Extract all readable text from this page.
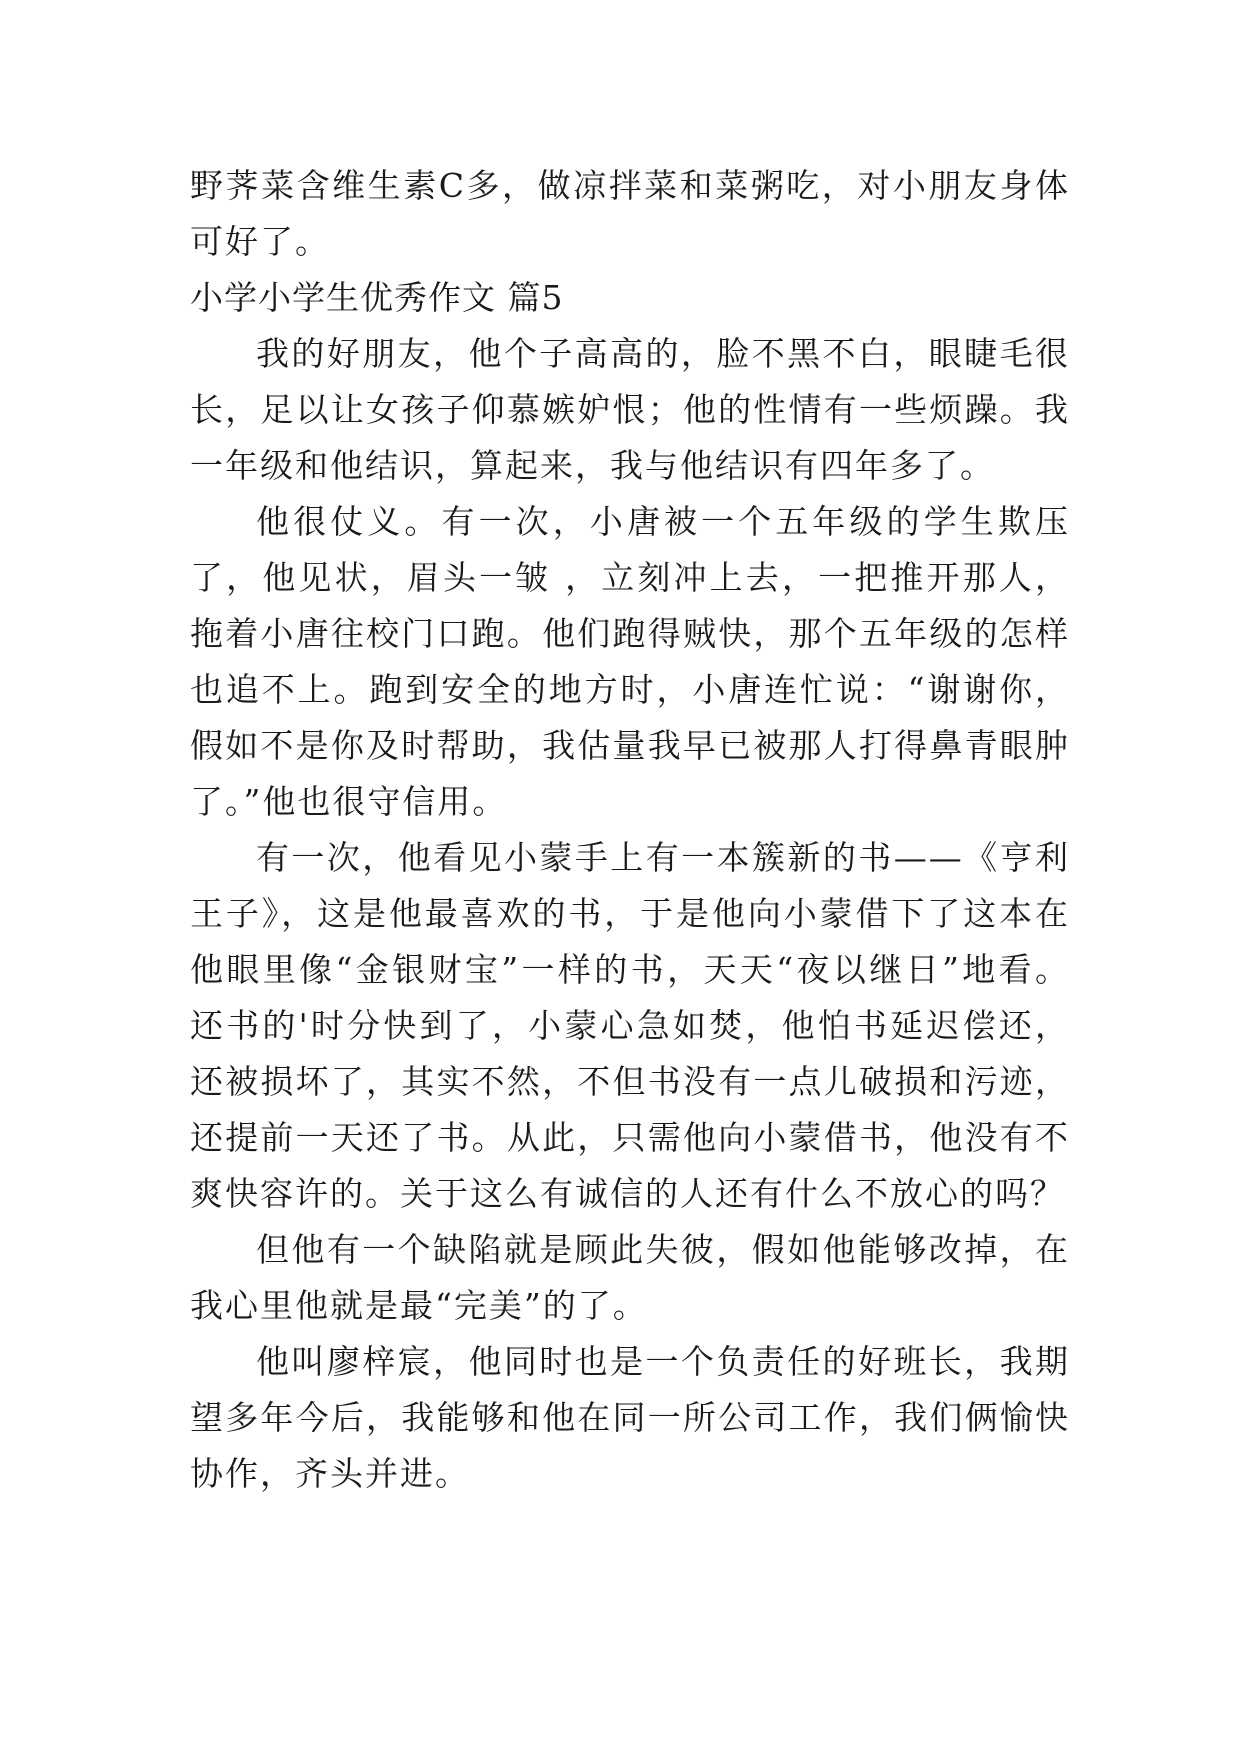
野荠菜含维生素C多，做凉拌菜和菜粥吃，对小朋友身体可好了。

小学小学生优秀作文 篇5

我的好朋友，他个子高高的，脸不黑不白，眼睫毛很长，足以让女孩子仰慕嫉妒恨；他的性情有一些烦躁。我一年级和他结识，算起来，我与他结识有四年多了。

他很仗义。有一次，小唐被一个五年级的学生欺压了，他见状，眉头一皱 ，立刻冲上去，一把推开那人，拖着小唐往校门口跑。他们跑得贼快，那个五年级的怎样也追不上。跑到安全的地方时，小唐连忙说：“谢谢你，假如不是你及时帮助，我估量我早已被那人打得鼻青眼肿了。”他也很守信用。

有一次，他看见小蒙手上有一本簇新的书——《亨利王子》，这是他最喜欢的书，于是他向小蒙借下了这本在他眼里像“金银财宝”一样的书，天天“夜以继日”地看。还书的'时分快到了，小蒙心急如焚，他怕书延迟偿还，还被损坏了，其实不然，不但书没有一点儿破损和污迹，还提前一天还了书。从此，只需他向小蒙借书，他没有不爽快容许的。关于这么有诚信的人还有什么不放心的吗？

但他有一个缺陷就是顾此失彼，假如他能够改掉，在我心里他就是最“完美”的了。

他叫廖梓宸，他同时也是一个负责任的好班长，我期望多年今后，我能够和他在同一所公司工作，我们俩愉快协作，齐头并进。
